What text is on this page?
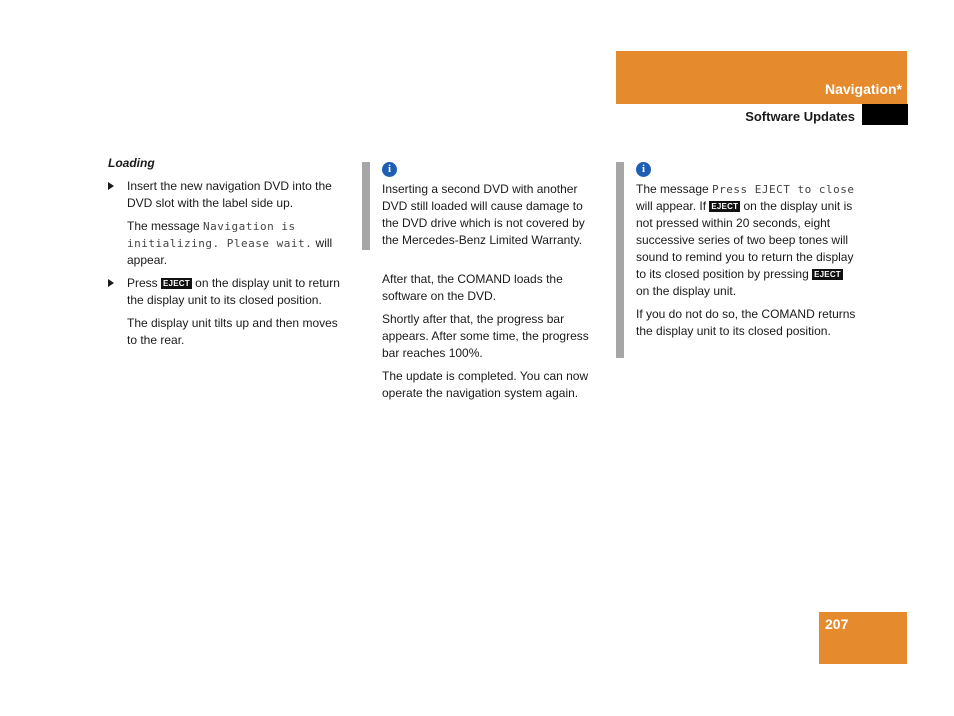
Navigation*
Software Updates
Loading
Insert the new navigation DVD into the DVD slot with the label side up.
The message Navigation is initializing. Please wait. will appear.
Press EJECT on the display unit to return the display unit to its closed position.
The display unit tilts up and then moves to the rear.
i

Inserting a second DVD with another DVD still loaded will cause damage to the DVD drive which is not covered by the Mercedes-Benz Limited Warranty.

After that, the COMAND loads the software on the DVD.

Shortly after that, the progress bar appears. After some time, the progress bar reaches 100%.

The update is completed. You can now operate the navigation system again.

i

The message Press EJECT to close will appear. If EJECT on the display unit is not pressed within 20 seconds, eight successive series of two beep tones will sound to remind you to return the display to its closed position by pressing EJECT on the display unit.

If you do not do so, the COMAND returns the display unit to its closed position.

207
